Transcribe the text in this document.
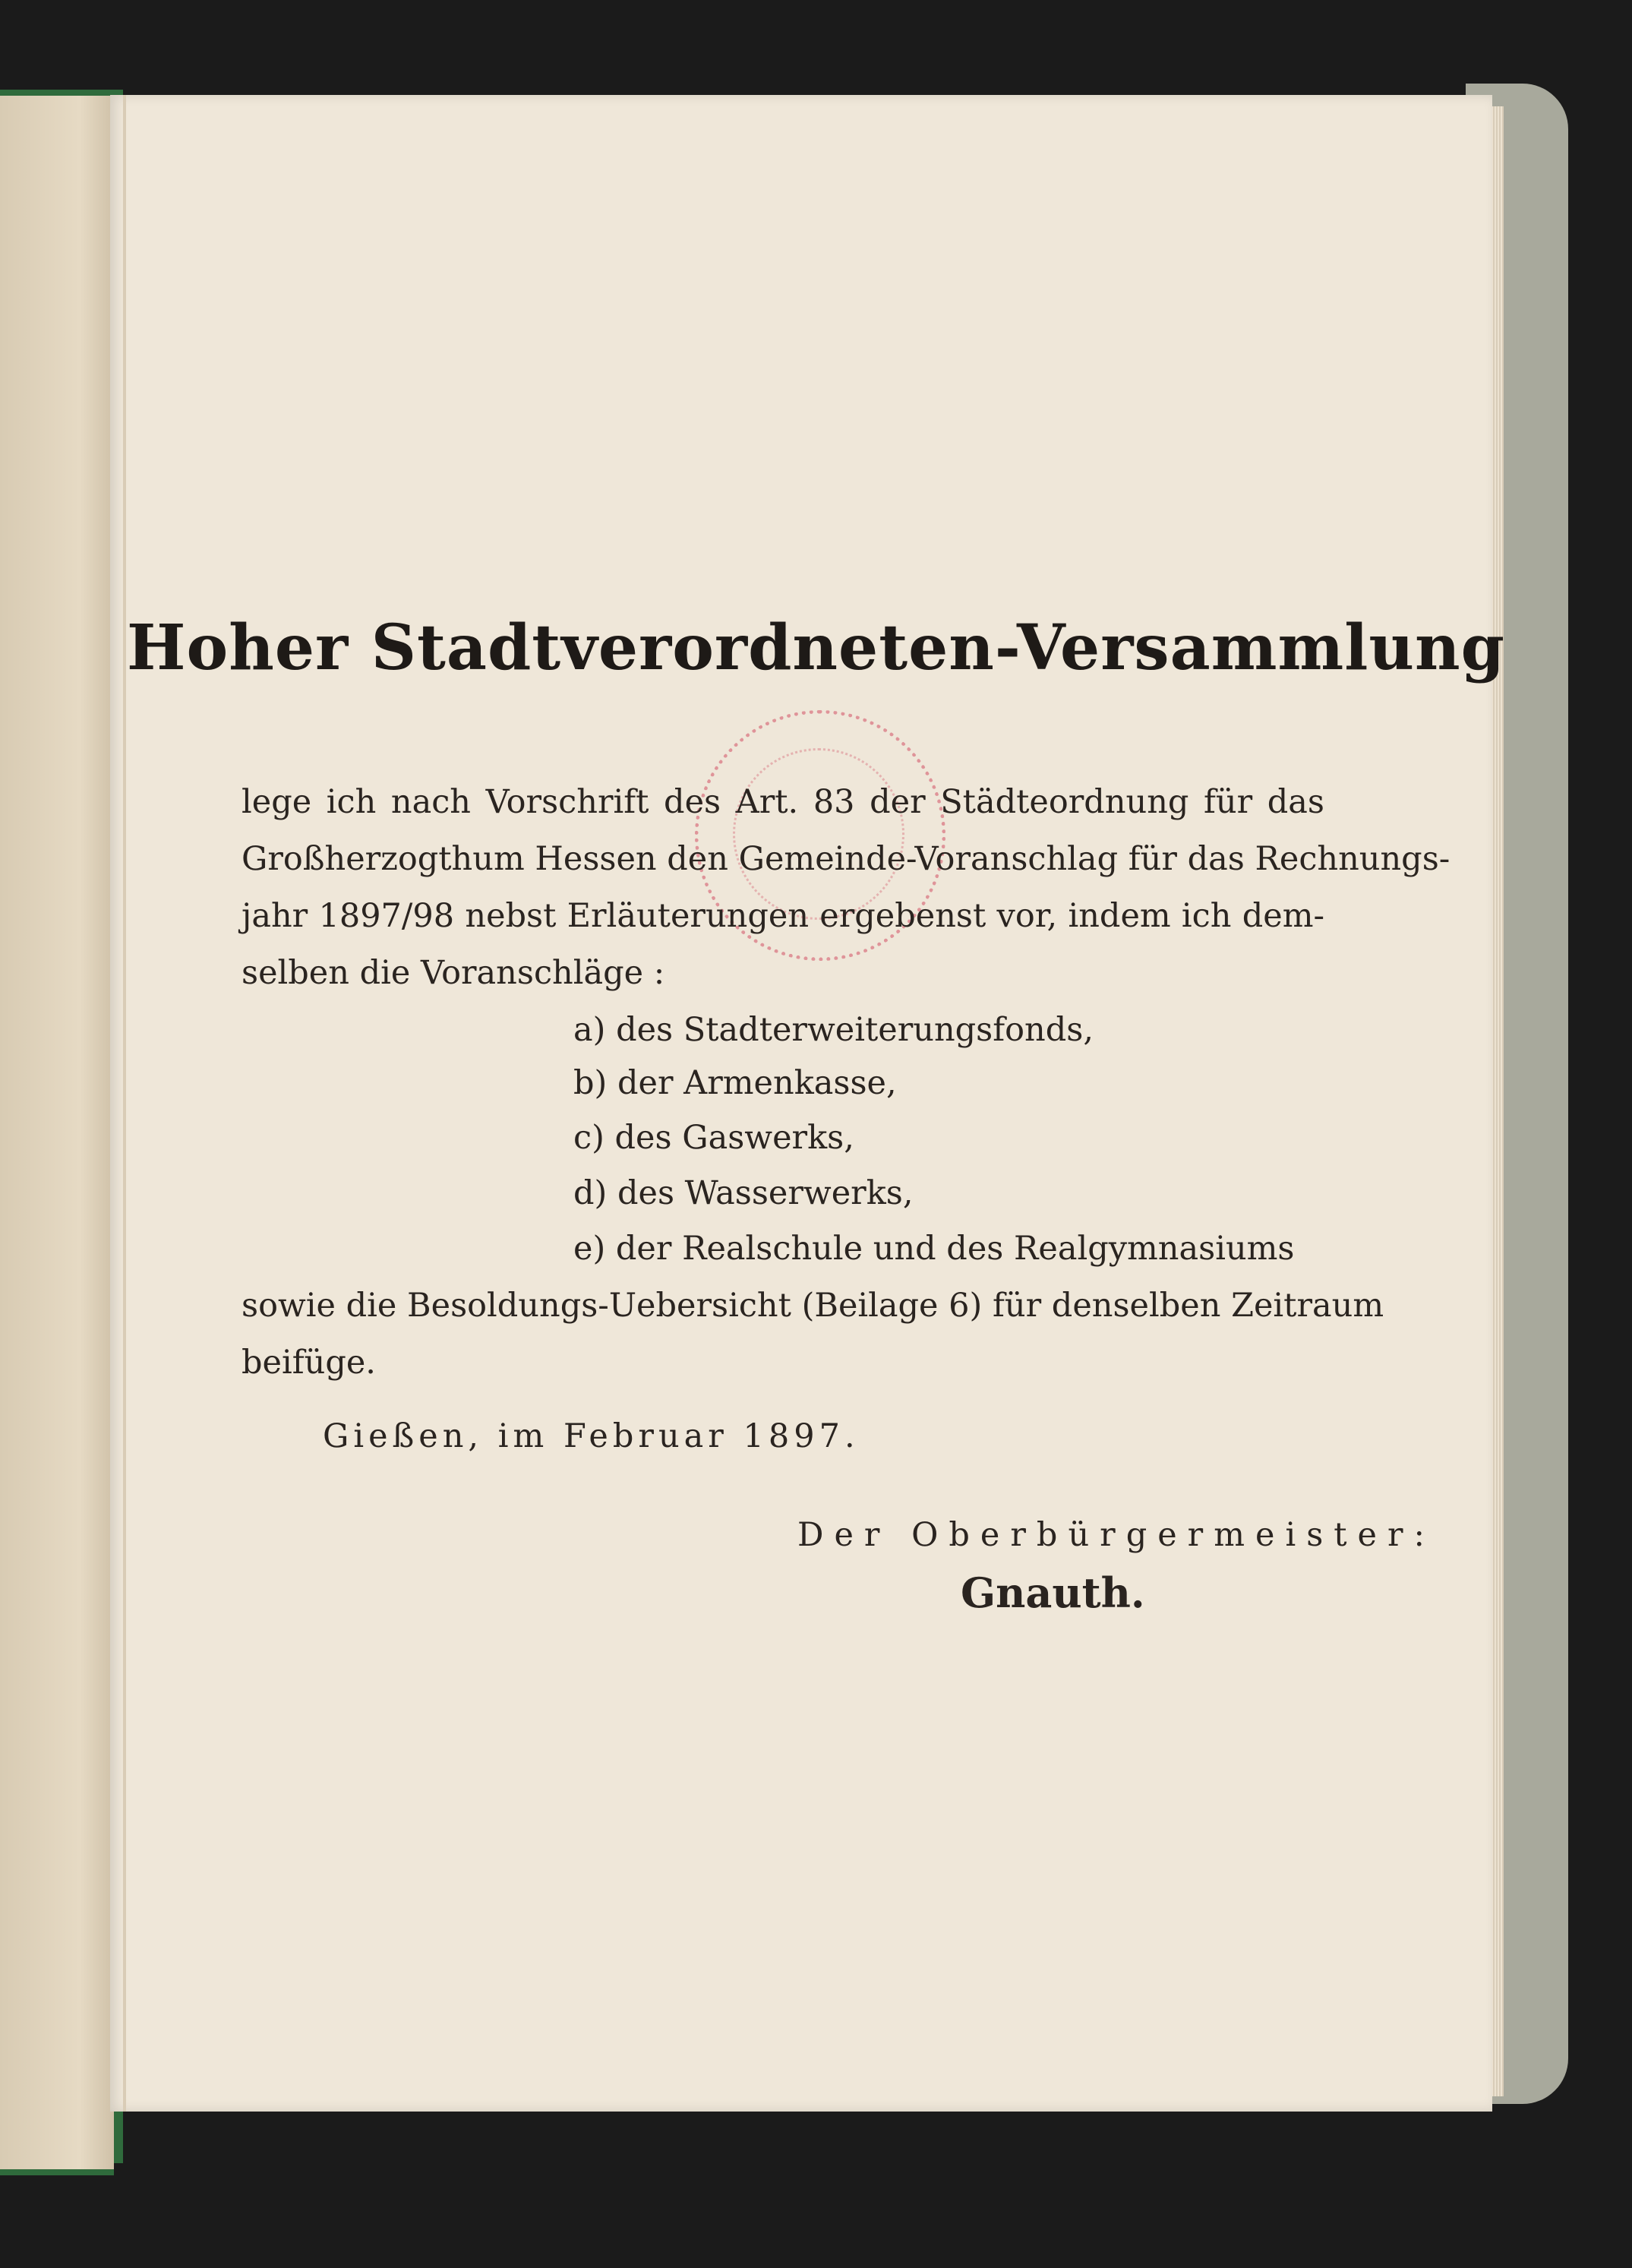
Hoher Stadtverordneten-Versammlung
lege ich nach Vorschrift des Art. 83 der Städteordnung für das
Großherzogthum Hessen den Gemeinde-Voranschlag für das Rechnungs-
jahr 1897/98 nebst Erläuterungen ergebenst vor, indem ich dem-
selben die Voranschläge :
a) des Stadterweiterungsfonds,
b) der Armenkasse,
c) des Gaswerks,
d) des Wasserwerks,
e) der Realschule und des Realgymnasiums
sowie die Besoldungs-Uebersicht (Beilage 6) für denselben Zeitraum
beifüge.
Gießen, im Februar 1897.
Der Oberbürgermeister:
Gnauth.
